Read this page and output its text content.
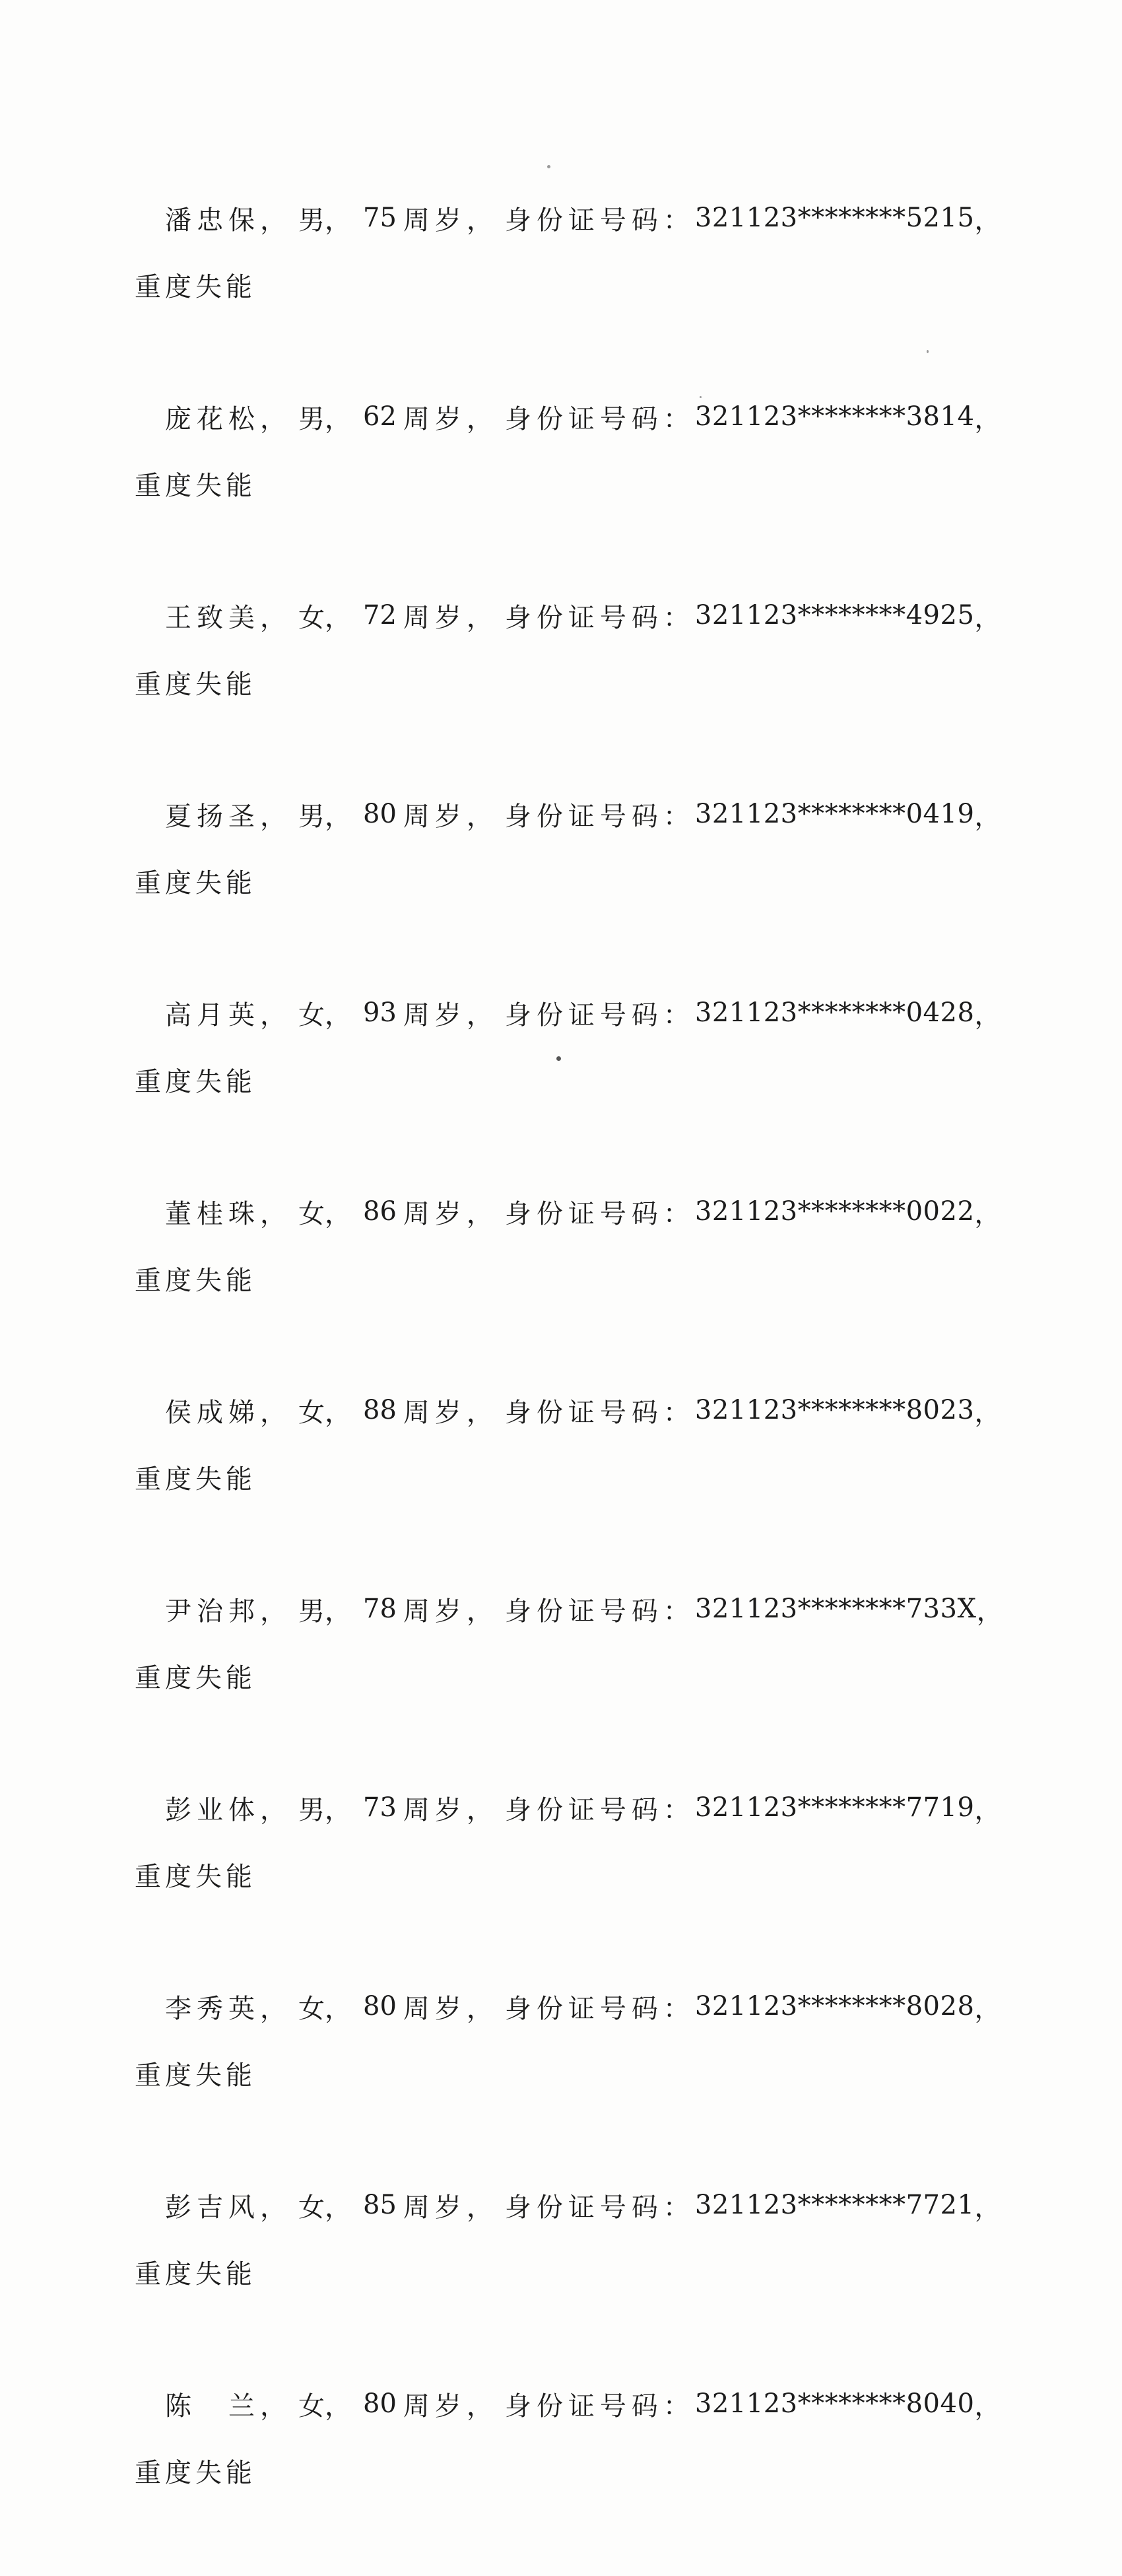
潘忠保 ， 男 ， 75 周岁 ， 身份证号码： 321123********5215 ，
重度失能
庞花松 ， 男 ， 62 周岁 ， 身份证号码： 321123********3814 ，
重度失能
王致美 ， 女 ， 72 周岁 ， 身份证号码： 321123********4925 ，
重度失能
夏扬圣 ， 男 ， 80 周岁 ， 身份证号码： 321123********0419 ，
重度失能
高月英 ， 女 ， 93 周岁 ， 身份证号码： 321123********0428 ，
重度失能
董桂珠 ， 女 ， 86 周岁 ， 身份证号码： 321123********0022 ，
重度失能
侯成娣 ， 女 ， 88 周岁 ， 身份证号码： 321123********8023 ，
重度失能
尹治邦 ， 男 ， 78 周岁 ， 身份证号码： 321123********733X ，
重度失能
彭业体 ， 男 ， 73 周岁 ， 身份证号码： 321123********7719 ，
重度失能
李秀英 ， 女 ， 80 周岁 ， 身份证号码： 321123********8028 ，
重度失能
彭吉风 ， 女 ， 85 周岁 ， 身份证号码： 321123********7721 ，
重度失能
陈　兰 ， 女 ， 80 周岁 ， 身份证号码： 321123********8040 ，
重度失能
